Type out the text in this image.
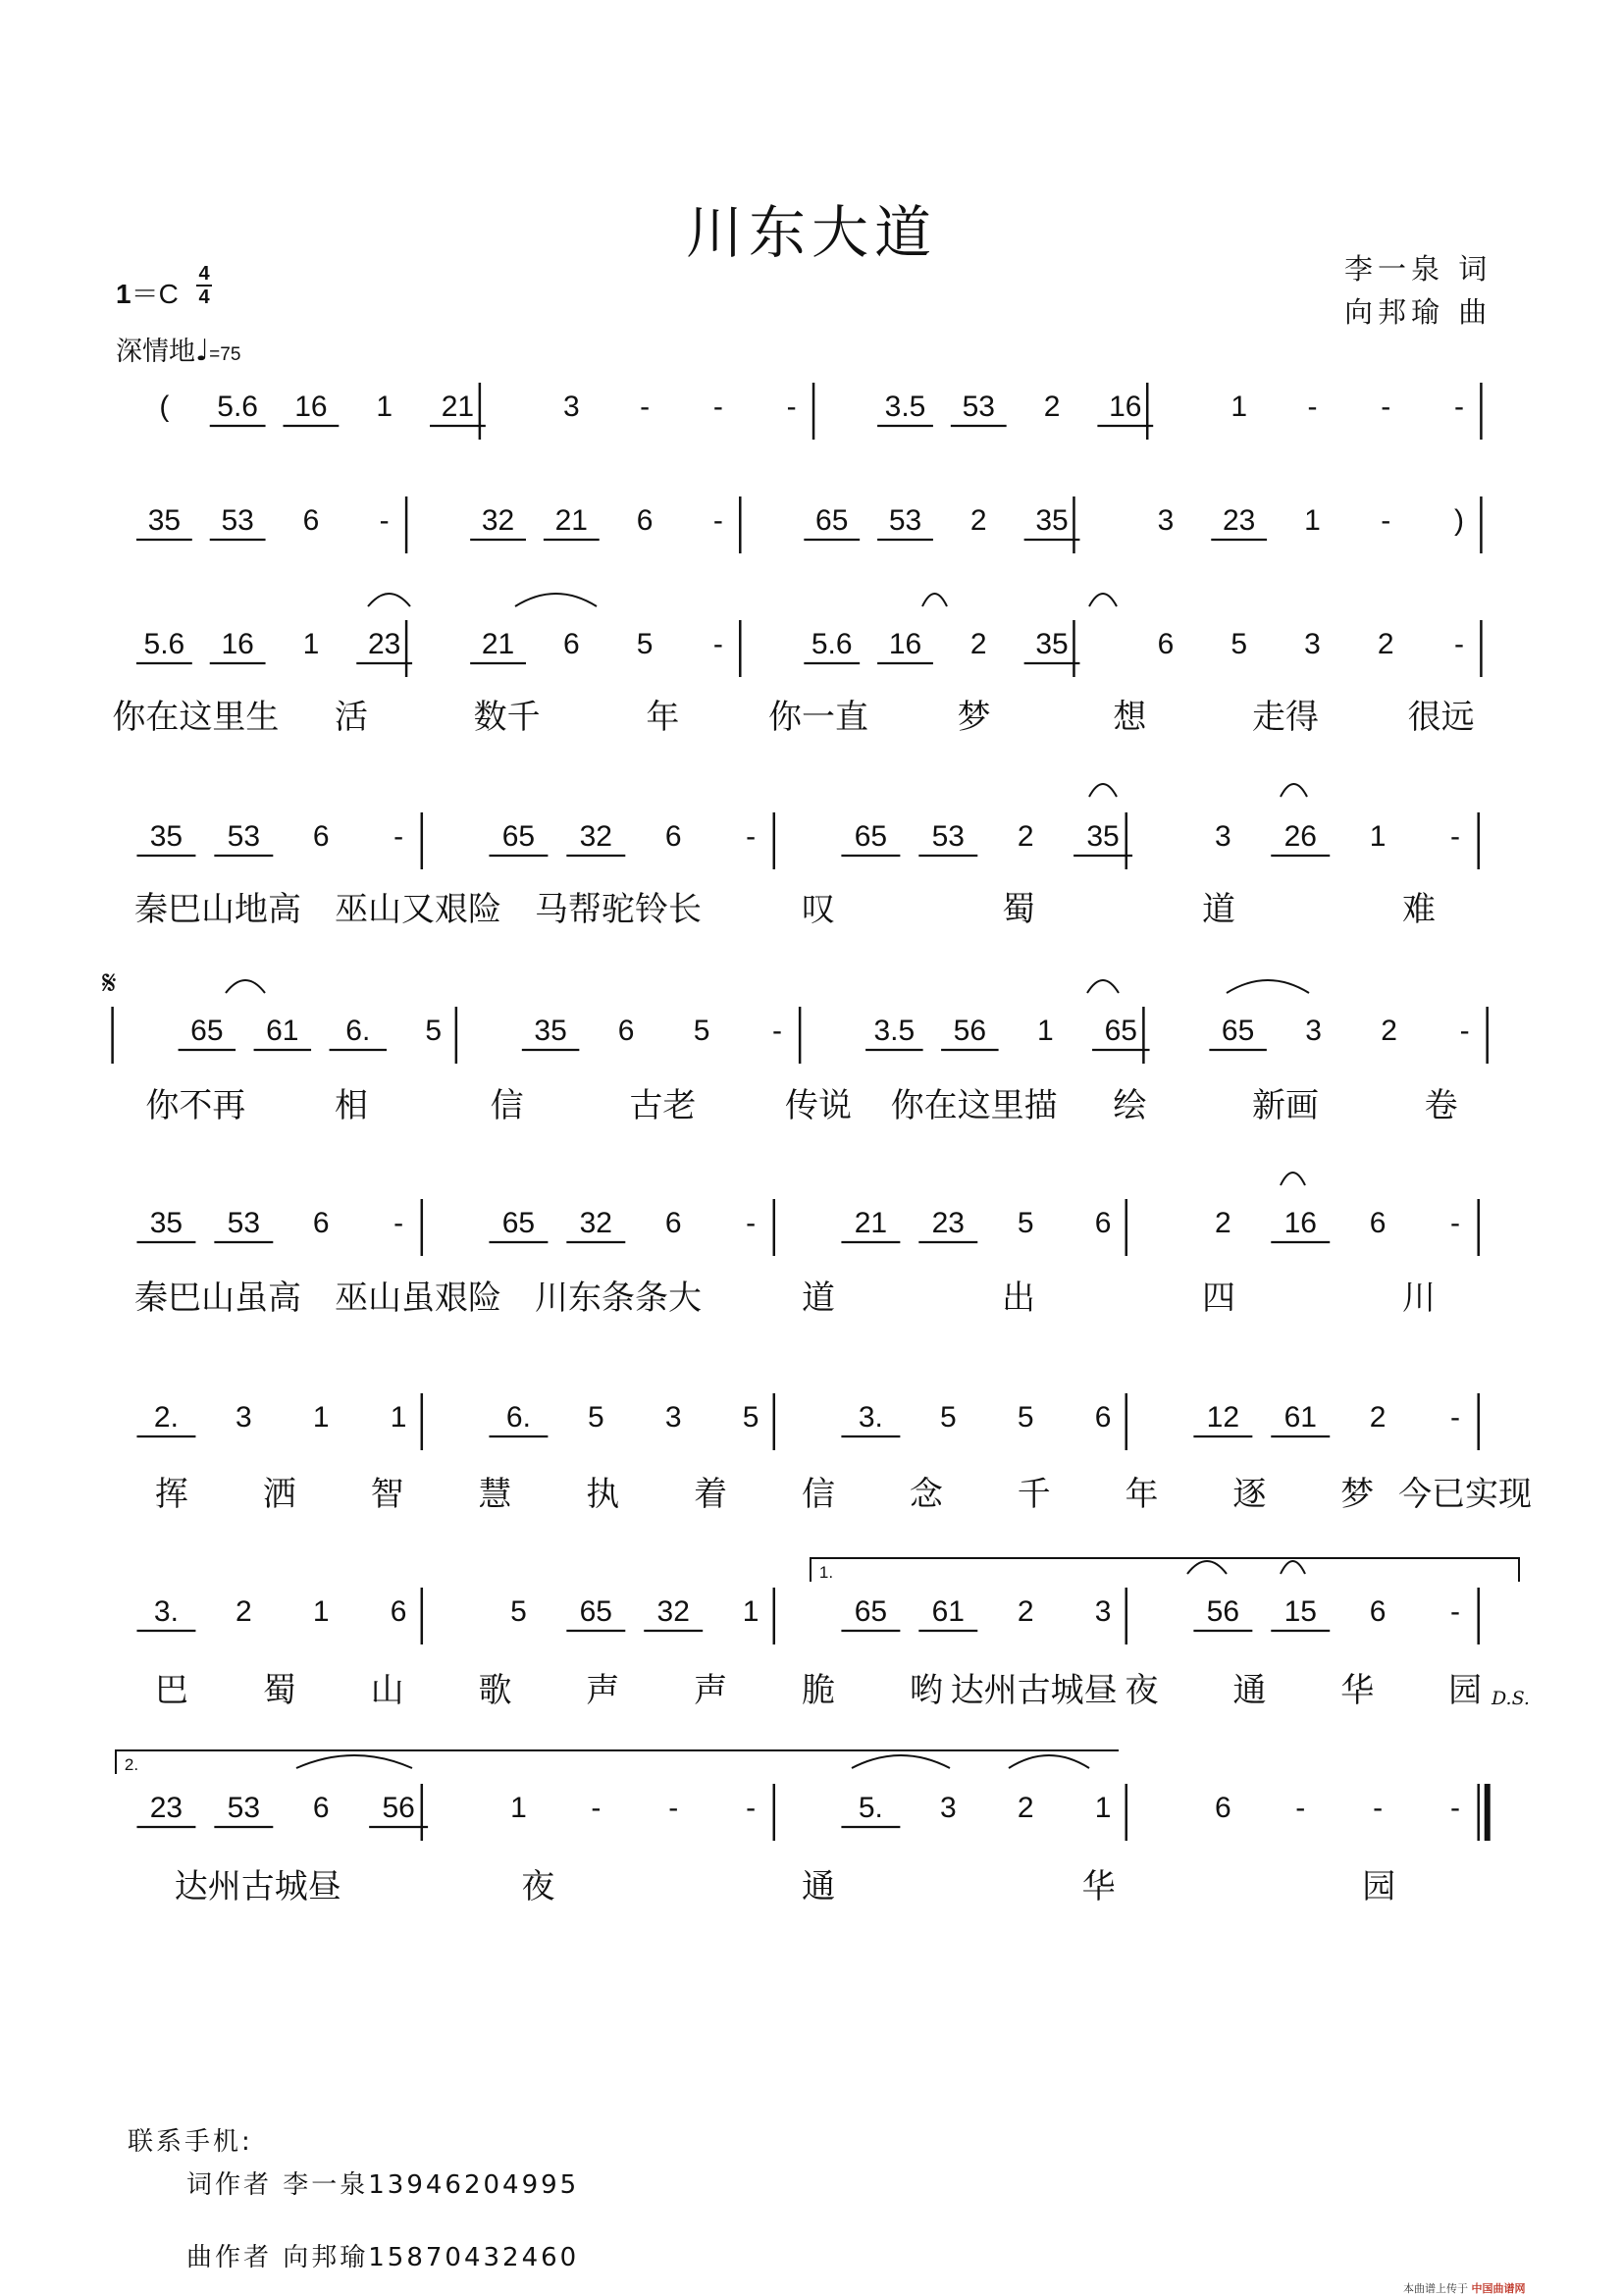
川东大道
李一泉 词
向邦瑜 曲
1＝C
4
4
深情地♩=75
𝄋
D.S.
( 5.6 16 1 21	3 - - -	3.5 53 2 16	1 - - -
35 53 6 -	32 21 6 -	65 53 2 35	3 23 1 - )
5.6 16 1 23	21 6 5 -	5.6 16 2 35	6 5 3 2 -
你在这里生 活	数千	年	你一直	梦	想	走得	很远
35 53 6 -	65 32 6 -	65 53 2 35	3 26 1 -
秦巴山地高 巫山又艰险 马帮驼铃长	叹	蜀	道	难
65 61 6. 5	35 6 5 -	3.5 56 1 65	65 3 2 -
你不再	相	信	古老	传说 你在这里描 绘	新画	卷
35 53 6 -	65 32 6 -	21 23 5 6	2 16 6 -
秦巴山虽高 巫山虽艰险 川东条条大	道	出	四	川
2. 3 1 1	6. 5 3 5	3. 5 5 6	12 61 2 -
挥 洒 智 慧 执 着 信 念 千 年 逐 梦 今已实现
3. 2 1 6	5 65 32 1	65 61 2 3	56 15 6 -
巴 蜀 山 歌 声 声 脆 哟 达州古城昼 夜 通 华 园
23 53 6 56	1 - - -	5. 3 2 1	6 - - -
达州古城昼	夜	通	华	园
1.
2.
联系手机:
词作者 李一泉13946204995
曲作者 向邦瑜15870432460
本曲谱上传于 中国曲谱网
